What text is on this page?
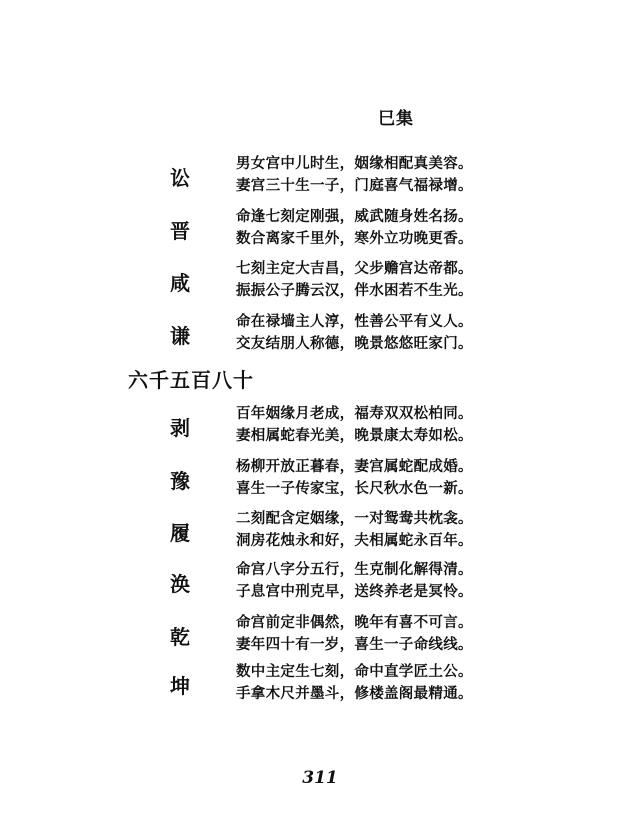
巳集
讼
男女宫中儿时生，姻缘相配真美容。
妻宫三十生一子，门庭喜气福禄增。
晋
命逢七刻定刚强，威武随身姓名扬。
数合离家千里外，寒外立功晚更香。
咸
七刻主定大吉昌，父步赡宫达帝都。
振振公子腾云汉，伴水困若不生光。
谦
命在禄墙主人淳，性善公平有义人。
交友结朋人称德，晚景悠悠旺家门。
六千五百八十
剥
百年姻缘月老成，福寿双双松柏同。
妻相属蛇春光美，晚景康太寿如松。
豫
杨柳开放正暮春，妻宫属蛇配成婚。
喜生一子传家宝，长尺秋水色一新。
履
二刻配含定姻缘，一对鸳鸯共枕衾。
洞房花烛永和好，夫相属蛇永百年。
涣
命宫八字分五行，生克制化解得清。
子息宫中刑克早，送终养老是冥怜。
乾
命宫前定非偶然，晚年有喜不可言。
妻年四十有一岁，喜生一子命线线。
坤
数中主定生七刻，命中直学匠土公。
手拿木尺并墨斗，修楼盖阁最精通。
311
